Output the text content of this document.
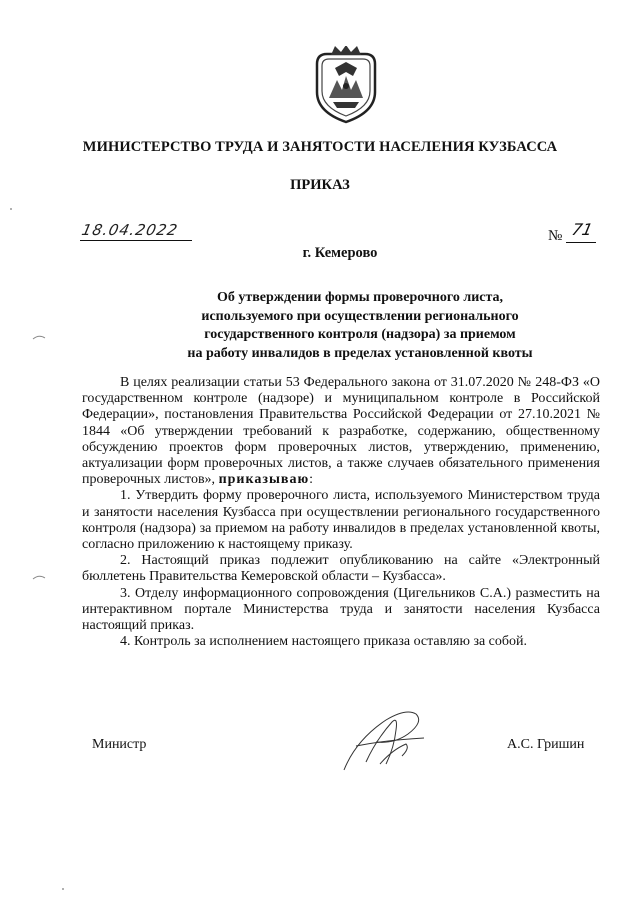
МИНИСТЕРСТВО ТРУДА И ЗАНЯТОСТИ НАСЕЛЕНИЯ КУЗБАССА
ПРИКАЗ
18.04.2022	№ 71
г. Кемерово
Об утверждении формы проверочного листа,
используемого при осуществлении регионального
государственного контроля (надзора) за приемом
на работу инвалидов в пределах установленной квоты

В целях реализации статьи 53 Федерального закона от 31.07.2020 № 248-ФЗ «О государственном контроле (надзоре) и муниципальном контроле в Российской Федерации», постановления Правительства Российской Федерации от 27.10.2021 № 1844 «Об утверждении требований к разработке, содержанию, общественному обсуждению проектов форм проверочных листов, утверждению, применению, актуализации форм проверочных листов, а также случаев обязательного применения проверочных листов», приказываю:

1. Утвердить форму проверочного листа, используемого Министерством труда и занятости населения Кузбасса при осуществлении регионального государственного контроля (надзора) за приемом на работу инвалидов в пределах установленной квоты, согласно приложению к настоящему приказу.

2. Настоящий приказ подлежит опубликованию на сайте «Электронный бюллетень Правительства Кемеровской области – Кузбасса».

3. Отделу информационного сопровождения (Цигельников С.А.) разместить на интерактивном портале Министерства труда и занятости населения Кузбасса настоящий приказ.

4. Контроль за исполнением настоящего приказа оставляю за собой.

Министр	А.С. Гришин
